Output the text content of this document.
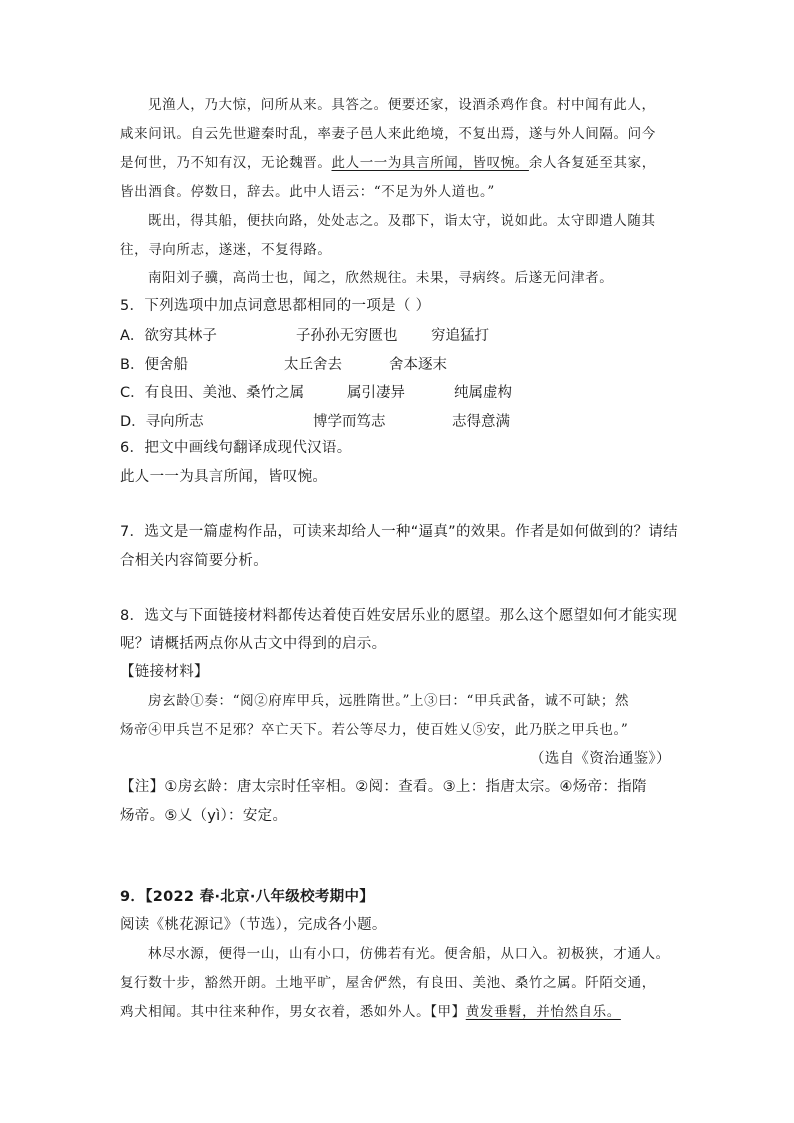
见渔人，乃大惊，问所从来。具答之。便要还家，设酒杀鸡作食。村中闻有此人，
咸来问讯。自云先世避秦时乱，率妻子邑人来此绝境，不复出焉，遂与外人间隔。问今
是何世，乃不知有汉，无论魏晋。此人一一为具言所闻，皆叹惋。余人各复延至其家，
皆出酒食。停数日，辞去。此中人语云：“不足为外人道也。”
既出，得其船，便扶向路，处处志之。及郡下，诣太守，说如此。太守即遣人随其
往，寻向所志，遂迷，不复得路。
南阳刘子骥，高尚士也，闻之，欣然规往。未果，寻病终。后遂无问津者。
5．下列选项中加点词意思都相同的一项是（ ）
A．欲穷其林子	子孙孙无穷匮也 穷追猛打
B．便舍船	太丘舍去	舍本逐末
C．有良田、美池、桑竹之属	属引凄异	纯属虚构
D．寻向所志	博学而笃志	志得意满
6．把文中画线句翻译成现代汉语。
此人一一为具言所闻，皆叹惋。
7．选文是一篇虚构作品，可读来却给人一种“逼真”的效果。作者是如何做到的？请结
合相关内容简要分析。
8．选文与下面链接材料都传达着使百姓安居乐业的愿望。那么这个愿望如何才能实现
呢？请概括两点你从古文中得到的启示。
【链接材料】
房玄龄①奏：“阅②府库甲兵，远胜隋世。”上③曰：“甲兵武备，诚不可缺；然
炀帝④甲兵岂不足邪？卒亡天下。若公等尽力，使百姓乂⑤安，此乃朕之甲兵也。”
（选自《资治通鉴》）
【注】①房玄龄：唐太宗时任宰相。②阅：查看。③上：指唐太宗。④炀帝：指隋
炀帝。⑤乂（yì）：安定。
9．【2022 春·北京·八年级校考期中】
阅读《桃花源记》（节选），完成各小题。
林尽水源，便得一山，山有小口，仿佛若有光。便舍船，从口入。初极狭，才通人。
复行数十步，豁然开朗。土地平旷，屋舍俨然，有良田、美池、桑竹之属。阡陌交通，
鸡犬相闻。其中往来种作，男女衣着，悉如外人。【甲】黄发垂髫，并怡然自乐。
